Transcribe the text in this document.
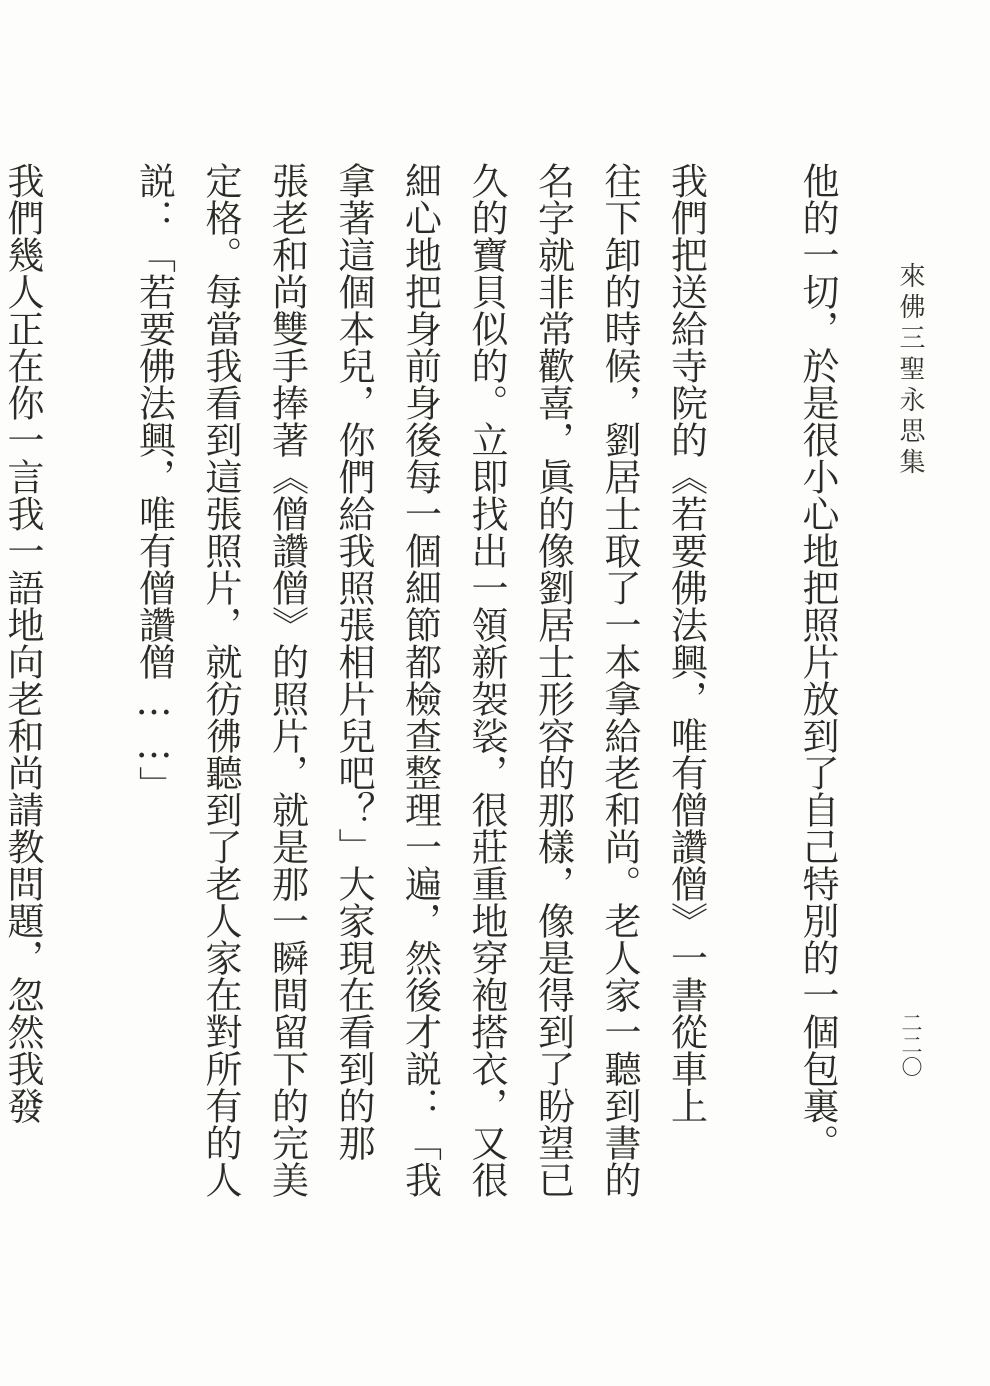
來佛三聖永思集
二二〇
他的一切，於是很小心地把照片放到了自己特別的一個包裏。
我們把送給寺院的《若要佛法興，唯有僧讚僧》一書從車上
往下卸的時候，劉居士取了一本拿給老和尚。老人家一聽到書的
名字就非常歡喜，眞的像劉居士形容的那樣，像是得到了盼望已
久的寶貝似的。立即找出一領新袈裟，很莊重地穿袍搭衣，又很
細心地把身前身後每一個細節都檢查整理一遍，然後才説：「我
拿著這個本兒，你們給我照張相片兒吧？」大家現在看到的那
張老和尚雙手捧著《僧讚僧》的照片，就是那一瞬間留下的完美
定格。每當我看到這張照片，就彷彿聽到了老人家在對所有的人
説：「若要佛法興，唯有僧讚僧……」
我們幾人正在你一言我一語地向老和尚請教問題，忽然我發
